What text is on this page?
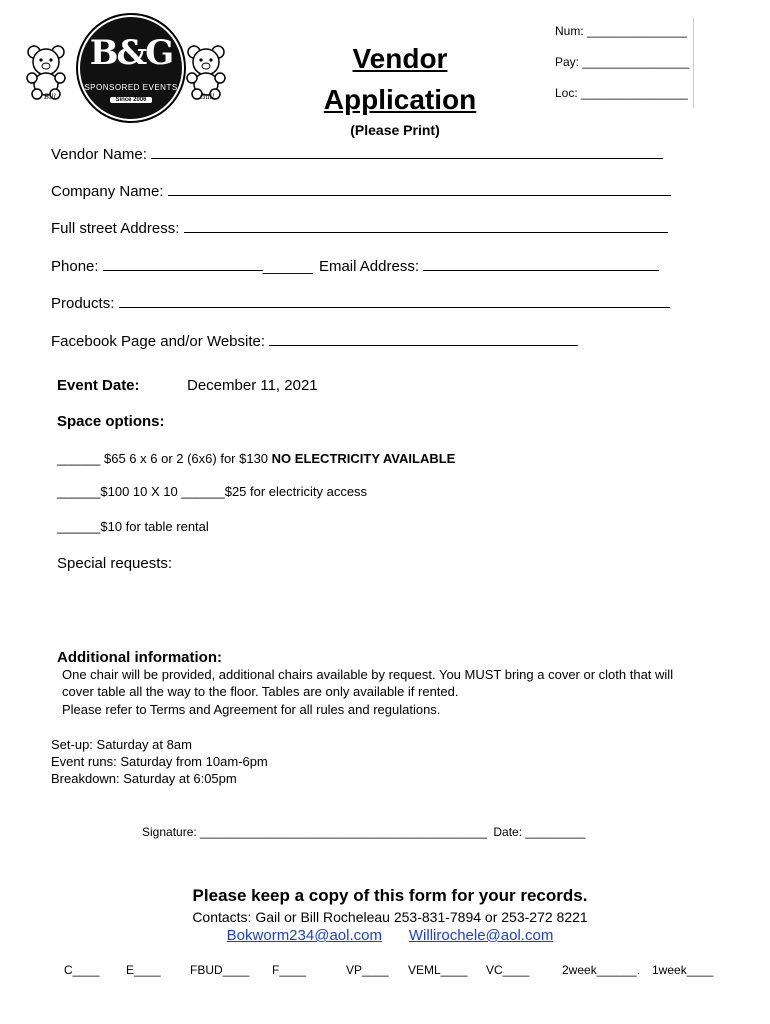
Bill
B&G
SPONSORED EVENTS
Since 2006	Gail
Vendor
Application
(Please Print)
Num: _______________
Pay: ________________
Loc: ________________
Vendor Name:
Company Name:
Full street Address:
Phone:	______ Email Address:
Products:
Facebook Page and/or Website:
Event Date:	December 11, 2021
Space options:
______ $65 6 x 6 or 2 (6x6) for $130 NO ELECTRICITY AVAILABLE
______$100 10 X 10 ______$25 for electricity access
______$10 for table rental
Special requests:
Additional information:
One chair will be provided, additional chairs available by request. You MUST bring a cover or cloth that will
cover table all the way to the floor. Tables are only available if rented.
Please refer to Terms and Agreement for all rules and regulations.
Set-up: Saturday at 8am
Event runs: Saturday from 10am-6pm
Breakdown: Saturday at 6:05pm
Signature: ___________________________________________ Date: _________
Please keep a copy of this form for your records.
Contacts: Gail or Bill Rocheleau 253-831-7894 or 253-272 8221
Bokworm234@aol.com Willirochele@aol.com
C____ E____ FBUD____ F____	VP____ VEML____ VC____	2week______. 1week____
